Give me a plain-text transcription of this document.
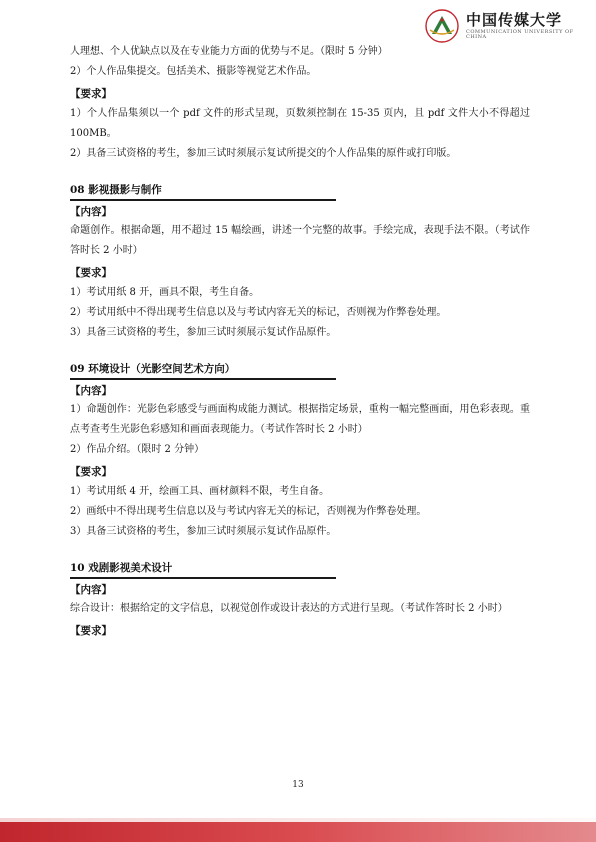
中国传媒大学
COMMUNICATION UNIVERSITY OF CHINA

人理想、个人优缺点以及在专业能力方面的优势与不足。（限时 5 分钟）

2）个人作品集提交。包括美术、摄影等视觉艺术作品。

【要求】

1）个人作品集须以一个 pdf 文件的形式呈现，页数须控制在 15-35 页内，且 pdf 文件大小不得超过 100MB。

2）具备三试资格的考生，参加三试时须展示复试所提交的个人作品集的原件或打印版。

08 影视摄影与制作
【内容】

命题创作。根据命题，用不超过 15 幅绘画，讲述一个完整的故事。手绘完成，表现手法不限。（考试作答时长 2 小时）

【要求】

1）考试用纸 8 开，画具不限，考生自备。

2）考试用纸中不得出现考生信息以及与考试内容无关的标记，否则视为作弊卷处理。

3）具备三试资格的考生，参加三试时须展示复试作品原件。

09 环境设计（光影空间艺术方向）
【内容】

1）命题创作：光影色彩感受与画面构成能力测试。根据指定场景，重构一幅完整画面，用色彩表现。重点考查考生光影色彩感知和画面表现能力。（考试作答时长 2 小时）

2）作品介绍。（限时 2 分钟）

【要求】

1）考试用纸 4 开，绘画工具、画材颜料不限，考生自备。

2）画纸中不得出现考生信息以及与考试内容无关的标记，否则视为作弊卷处理。

3）具备三试资格的考生，参加三试时须展示复试作品原件。

10 戏剧影视美术设计
【内容】

综合设计：根据给定的文字信息，以视觉创作或设计表达的方式进行呈现。（考试作答时长 2 小时）

【要求】
13
